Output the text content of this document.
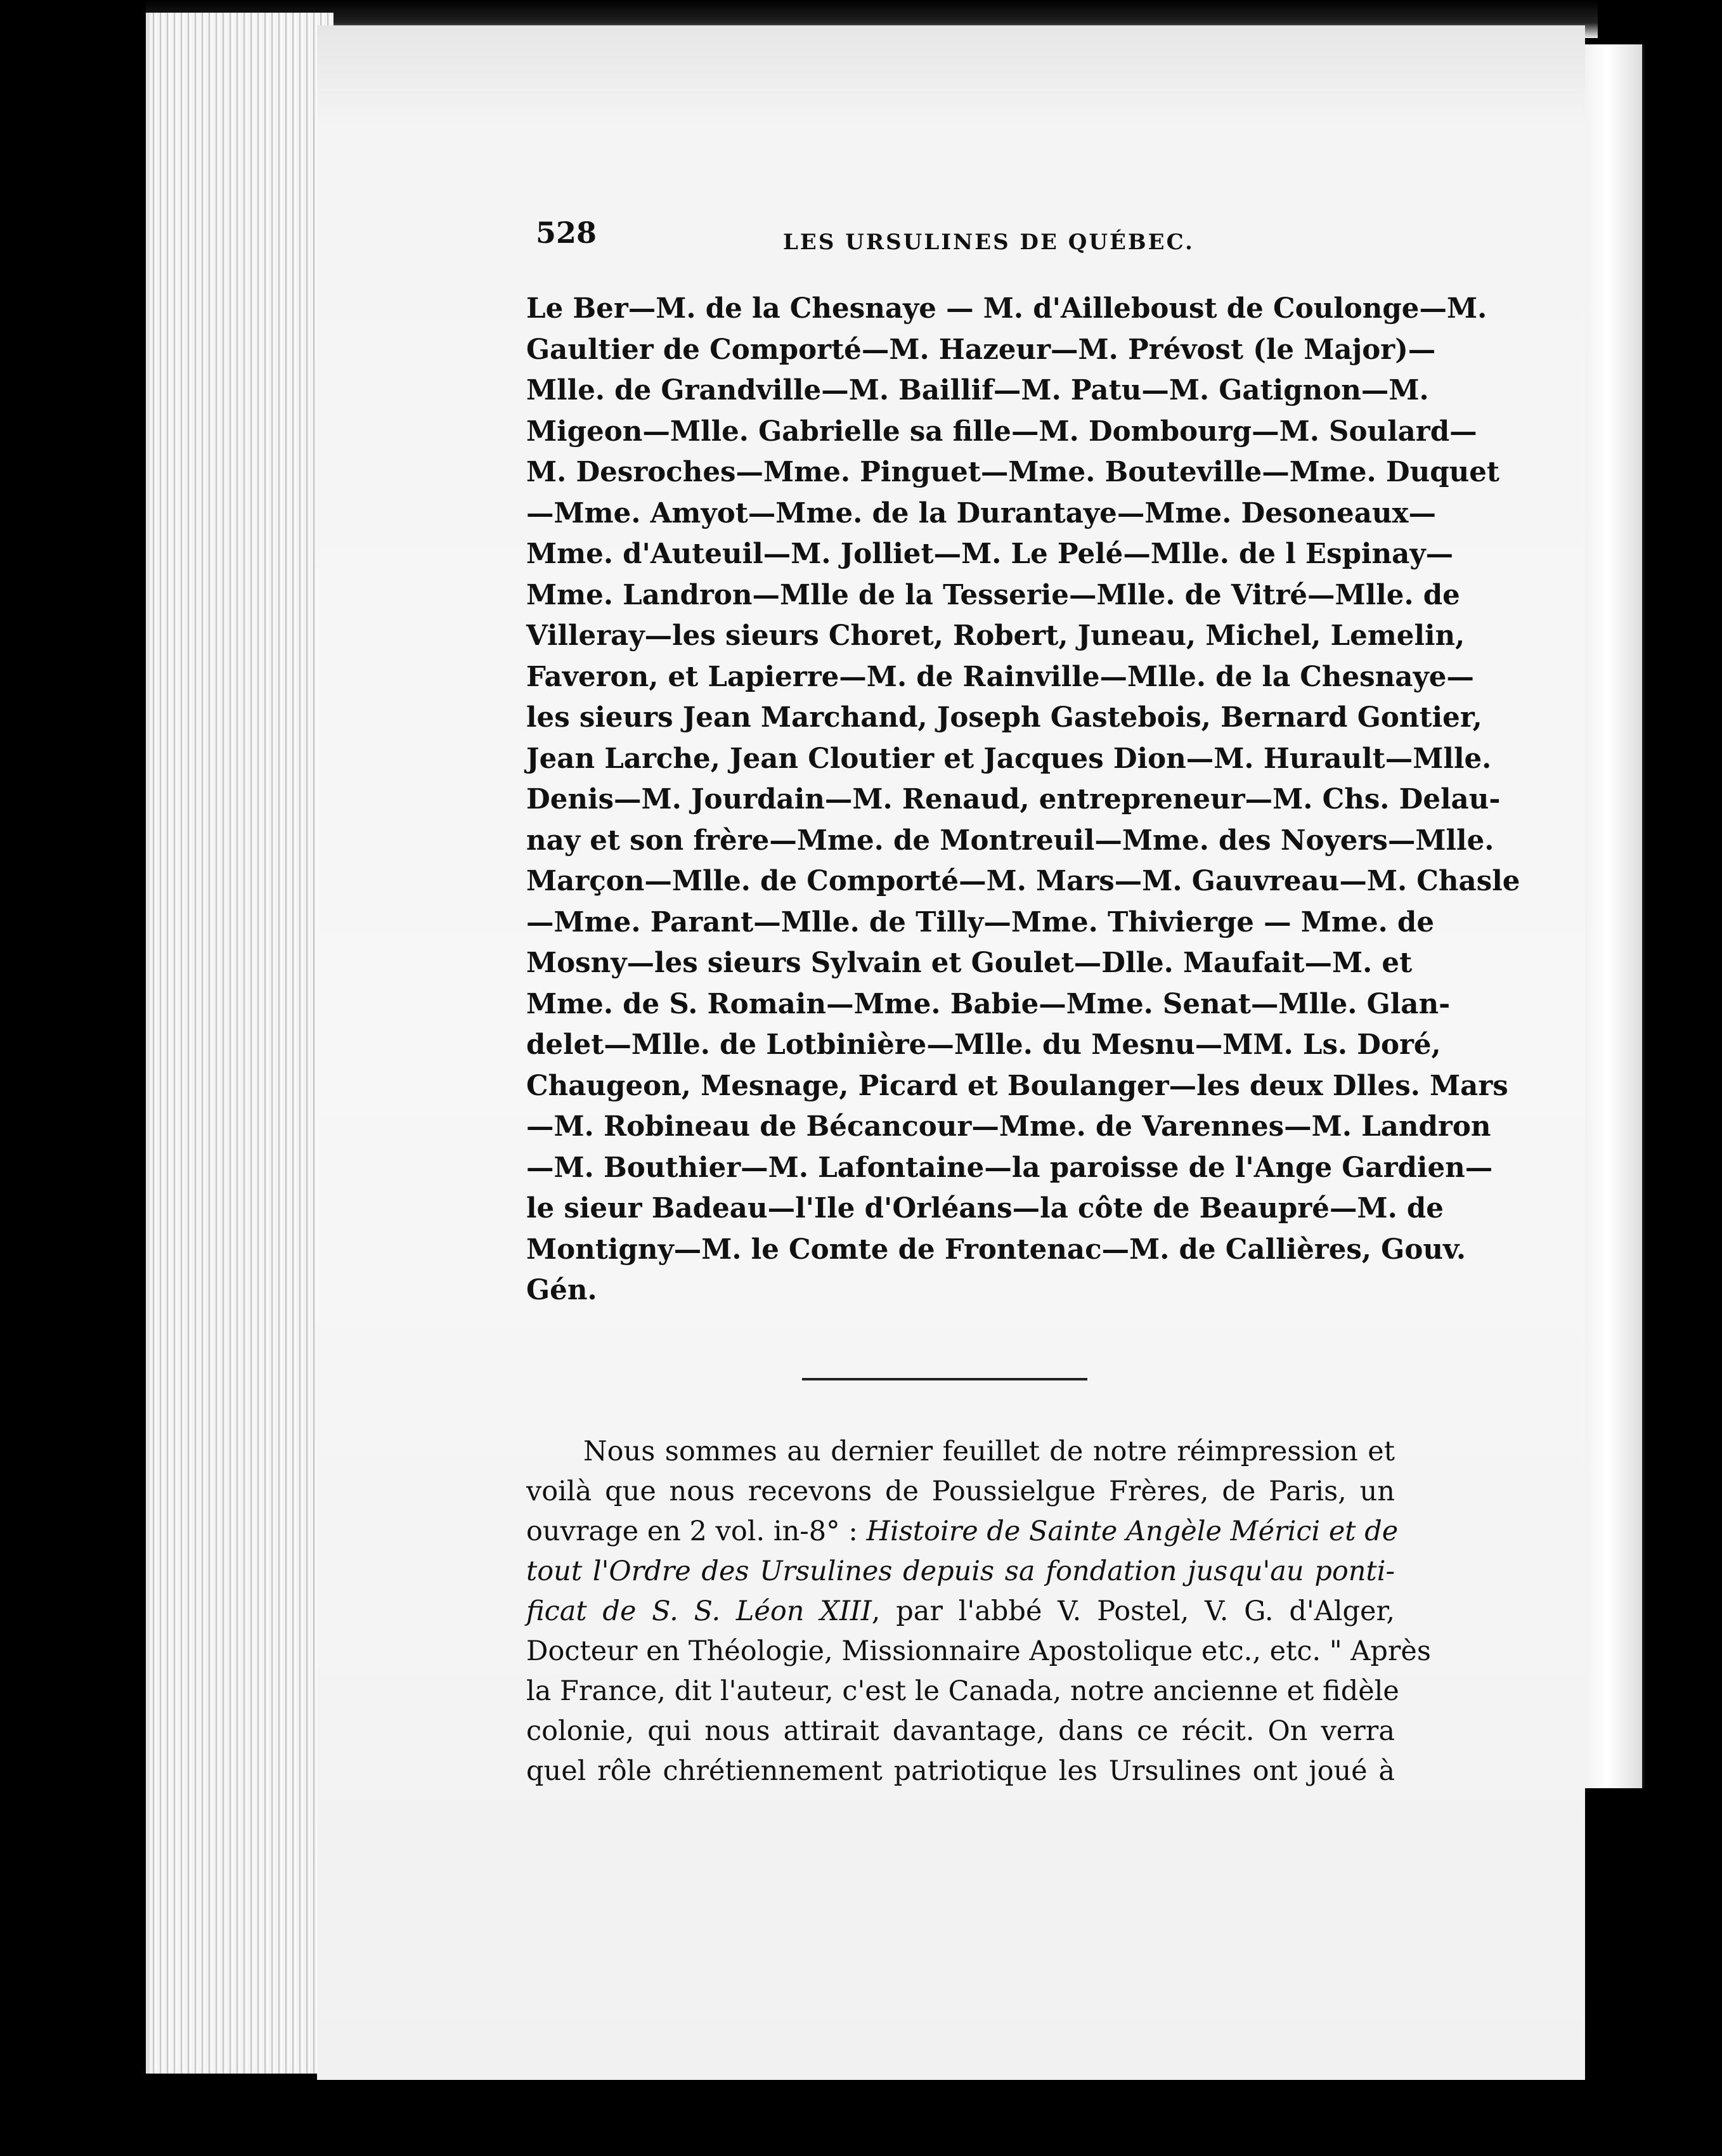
528	LES URSULINES DE QUÉBEC.
Le Ber—M. de la Chesnaye — M. d'Ailleboust de Coulonge—M.
Gaultier de Comporté—M. Hazeur—M. Prévost (le Major)—
Mlle. de Grandville—M. Baillif—M. Patu—M. Gatignon—M.
Migeon—Mlle. Gabrielle sa fille—M. Dombourg—M. Soulard—
M. Desroches—Mme. Pinguet—Mme. Bouteville—Mme. Duquet
—Mme. Amyot—Mme. de la Durantaye—Mme. Desoneaux—
Mme. d'Auteuil—M. Jolliet—M. Le Pelé—Mlle. de l Espinay—
Mme. Landron—Mlle de la Tesserie—Mlle. de Vitré—Mlle. de
Villeray—les sieurs Choret, Robert, Juneau, Michel, Lemelin,
Faveron, et Lapierre—M. de Rainville—Mlle. de la Chesnaye—
les sieurs Jean Marchand, Joseph Gastebois, Bernard Gontier,
Jean Larche, Jean Cloutier et Jacques Dion—M. Hurault—Mlle.
Denis—M. Jourdain—M. Renaud, entrepreneur—M. Chs. Delau-
nay et son frère—Mme. de Montreuil—Mme. des Noyers—Mlle.
Marçon—Mlle. de Comporté—M. Mars—M. Gauvreau—M. Chasle
—Mme. Parant—Mlle. de Tilly—Mme. Thivierge — Mme. de
Mosny—les sieurs Sylvain et Goulet—Dlle. Maufait—M. et
Mme. de S. Romain—Mme. Babie—Mme. Senat—Mlle. Glan-
delet—Mlle. de Lotbinière—Mlle. du Mesnu—MM. Ls. Doré,
Chaugeon, Mesnage, Picard et Boulanger—les deux Dlles. Mars
—M. Robineau de Bécancour—Mme. de Varennes—M. Landron
—M. Bouthier—M. Lafontaine—la paroisse de l'Ange Gardien—
le sieur Badeau—l'Ile d'Orléans—la côte de Beaupré—M. de
Montigny—M. le Comte de Frontenac—M. de Callières, Gouv.
Gén.
Nous sommes au dernier feuillet de notre réimpression et
voilà que nous recevons de Poussielgue Frères, de Paris, un
ouvrage en 2 vol. in-8° : Histoire de Sainte Angèle Mérici et de
tout l'Ordre des Ursulines depuis sa fondation jusqu'au ponti-
ficat de S. S. Léon XIII, par l'abbé V. Postel, V. G. d'Alger,
Docteur en Théologie, Missionnaire Apostolique etc., etc. " Après
la France, dit l'auteur, c'est le Canada, notre ancienne et fidèle
colonie, qui nous attirait davantage, dans ce récit. On verra
quel rôle chrétiennement patriotique les Ursulines ont joué à
